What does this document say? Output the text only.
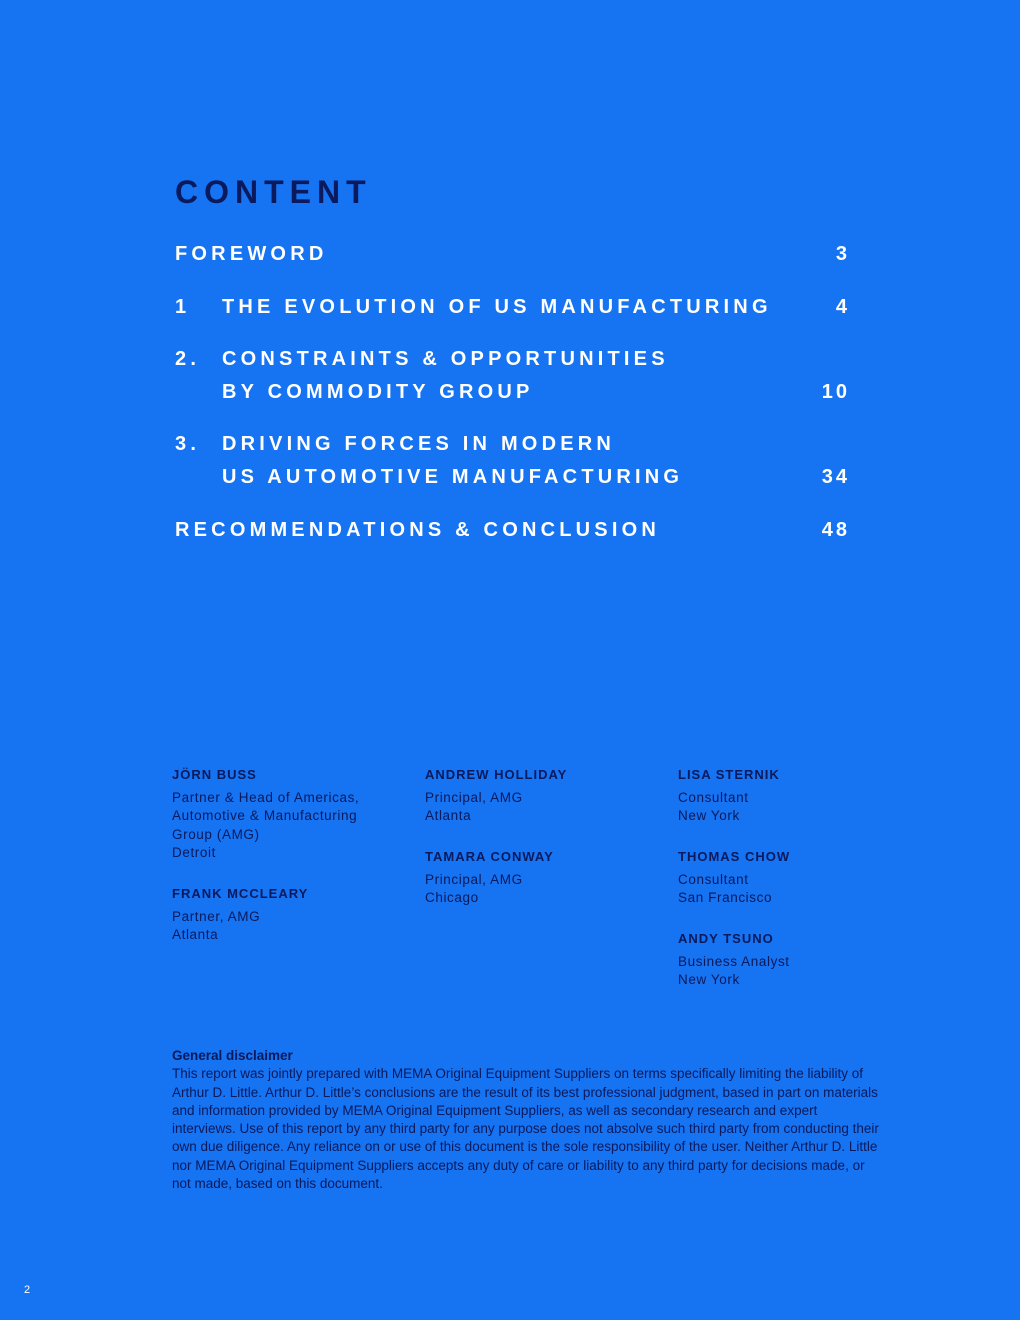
CONTENT
FOREWORD	3
1 THE EVOLUTION OF US MANUFACTURING	4
2. CONSTRAINTS & OPPORTUNITIES
BY COMMODITY GROUP	10
3. DRIVING FORCES IN MODERN
US AUTOMOTIVE MANUFACTURING	34
RECOMMENDATIONS & CONCLUSION	48
JÖRN BUSS
Partner & Head of Americas,
Automotive & Manufacturing
Group (AMG)
Detroit
FRANK MCCLEARY
Partner, AMG
Atlanta
ANDREW HOLLIDAY
Principal, AMG
Atlanta
TAMARA CONWAY
Principal, AMG
Chicago
LISA STERNIK
Consultant
New York
THOMAS CHOW
Consultant
San Francisco
ANDY TSUNO
Business Analyst
New York
General disclaimer
This report was jointly prepared with MEMA Original Equipment Suppliers on terms specifically limiting the liability of Arthur D. Little. Arthur D. Little’s conclusions are the result of its best professional judgment, based in part on materials and information provided by MEMA Original Equipment Suppliers, as well as secondary research and expert interviews. Use of this report by any third party for any purpose does not absolve such third party from conducting their own due diligence. Any reliance on or use of this document is the sole responsibility of the user. Neither Arthur D. Little nor MEMA Original Equipment Suppliers accepts any duty of care or liability to any third party for decisions made, or not made, based on this document.
2
